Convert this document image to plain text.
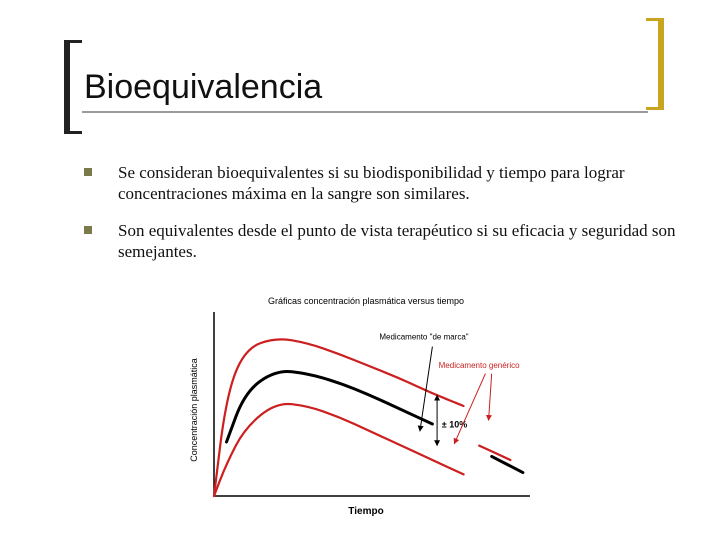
Bioequivalencia
Se consideran bioequivalentes si su biodisponibilidad y tiempo para lograr concentraciones máxima en la sangre son similares.
Son equivalentes desde el punto de vista terapéutico si su eficacia y seguridad son semejantes.
Gráficas concentración plasmática versus tiempo
Tiempo
Concentración plasmática
Medicamento "de marca"
Medicamento genérico
± 10%
